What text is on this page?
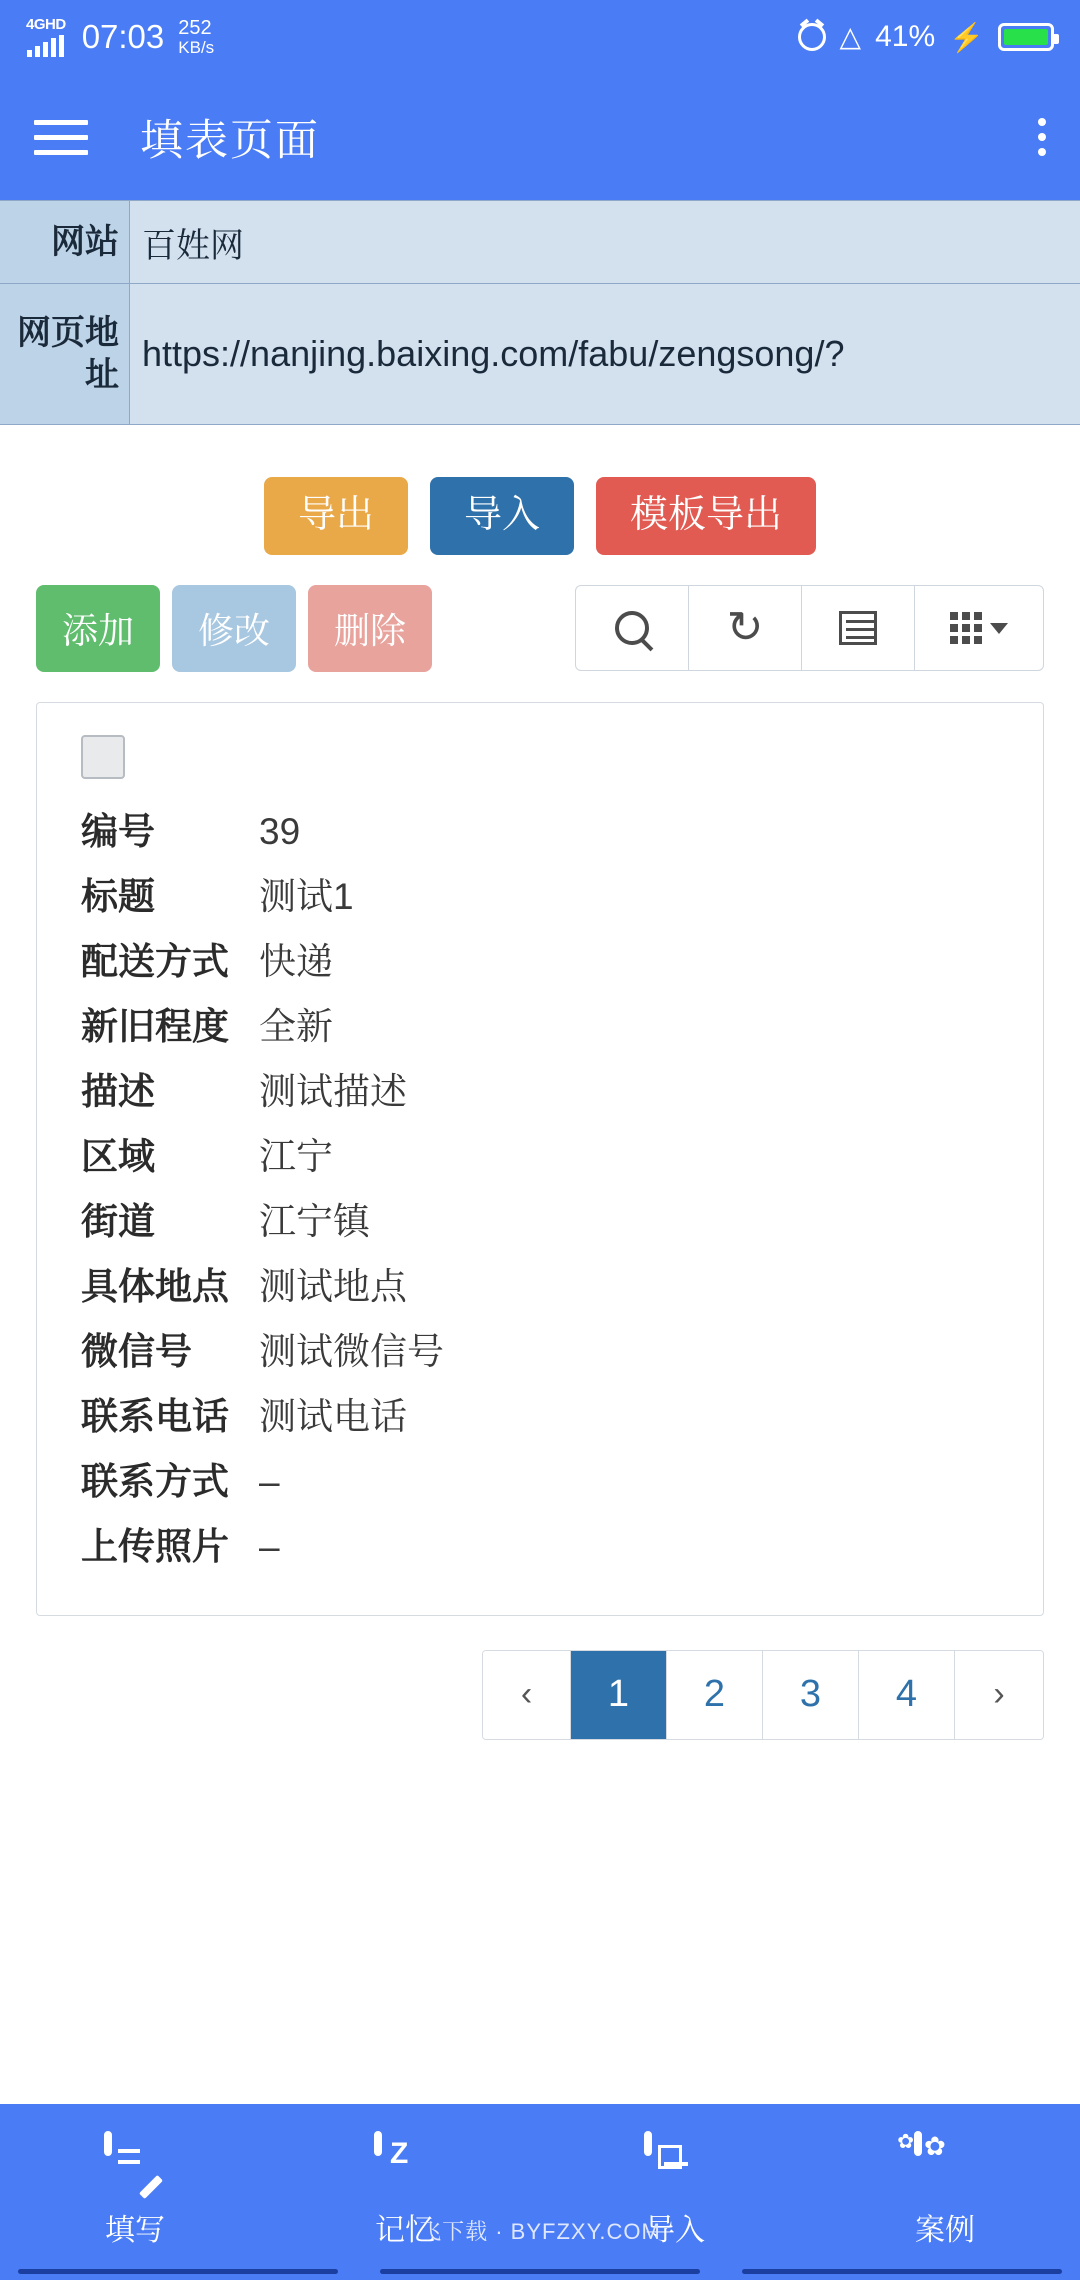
4GHD 07:03 252
KB/s	△ 41% ⚡
填表页面
网站 百姓网
网页地址
https://nanjing.baixing.com/fabu/zengsong/?
导出	导入	模板导出
添加	修改	删除	↻
编号	39
标题	测试1
配送方式 快递
新旧程度 全新
描述	测试描述
区域	江宁
街道	江宁镇
具体地点 测试地点
微信号	测试微信号
联系电话 测试电话
联系方式 –
上传照片 –
‹	1	2	3	4	›
填写
Z	记忆	导入
✿ ✿	案例
飞下载 · BYFZXY.COM
